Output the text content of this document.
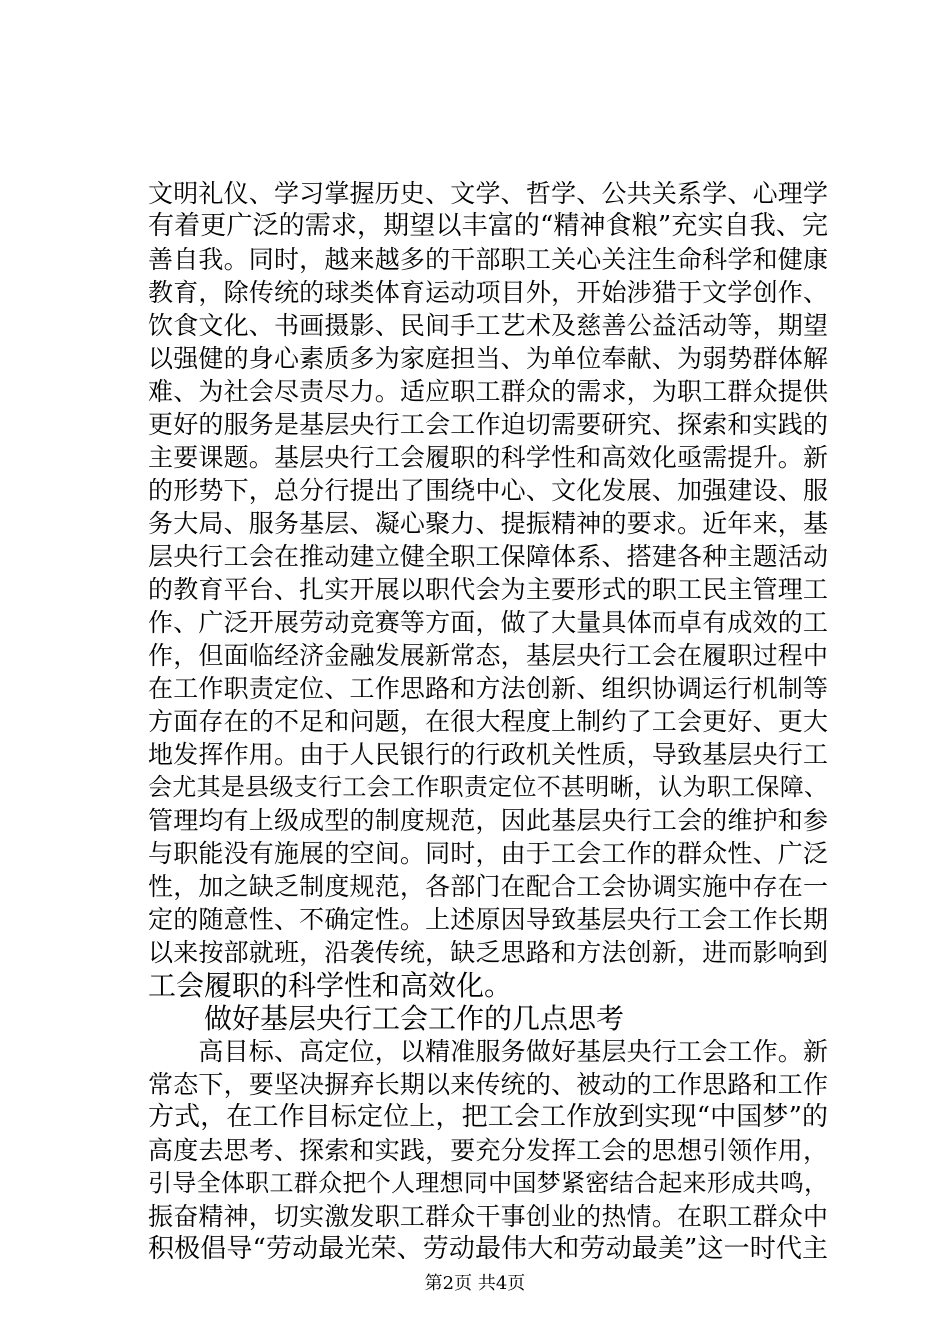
文明礼仪、学习掌握历史、文学、哲学、公共关系学、心理学
有着更广泛的需求，期望以丰富的“精神食粮”充实自我、完
善自我。同时，越来越多的干部职工关心关注生命科学和健康
教育，除传统的球类体育运动项目外，开始涉猎于文学创作、
饮食文化、书画摄影、民间手工艺术及慈善公益活动等，期望
以强健的身心素质多为家庭担当、为单位奉献、为弱势群体解
难、为社会尽责尽力。适应职工群众的需求，为职工群众提供
更好的服务是基层央行工会工作迫切需要研究、探索和实践的
主要课题。基层央行工会履职的科学性和高效化亟需提升。新
的形势下，总分行提出了围绕中心、文化发展、加强建设、服
务大局、服务基层、凝心聚力、提振精神的要求。近年来，基
层央行工会在推动建立健全职工保障体系、搭建各种主题活动
的教育平台、扎实开展以职代会为主要形式的职工民主管理工
作、广泛开展劳动竞赛等方面，做了大量具体而卓有成效的工
作，但面临经济金融发展新常态，基层央行工会在履职过程中
在工作职责定位、工作思路和方法创新、组织协调运行机制等
方面存在的不足和问题，在很大程度上制约了工会更好、更大
地发挥作用。由于人民银行的行政机关性质，导致基层央行工
会尤其是县级支行工会工作职责定位不甚明晰，认为职工保障、
管理均有上级成型的制度规范，因此基层央行工会的维护和参
与职能没有施展的空间。同时，由于工会工作的群众性、广泛
性，加之缺乏制度规范，各部门在配合工会协调实施中存在一
定的随意性、不确定性。上述原因导致基层央行工会工作长期
以来按部就班，沿袭传统，缺乏思路和方法创新，进而影响到
工会履职的科学性和高效化。
　　做好基层央行工会工作的几点思考
　　高目标、高定位，以精准服务做好基层央行工会工作。新
常态下，要坚决摒弃长期以来传统的、被动的工作思路和工作
方式，在工作目标定位上，把工会工作放到实现“中国梦”的
高度去思考、探索和实践，要充分发挥工会的思想引领作用，
引导全体职工群众把个人理想同中国梦紧密结合起来形成共鸣，
振奋精神，切实激发职工群众干事创业的热情。在职工群众中
积极倡导“劳动最光荣、劳动最伟大和劳动最美”这一时代主
第2页 共4页
